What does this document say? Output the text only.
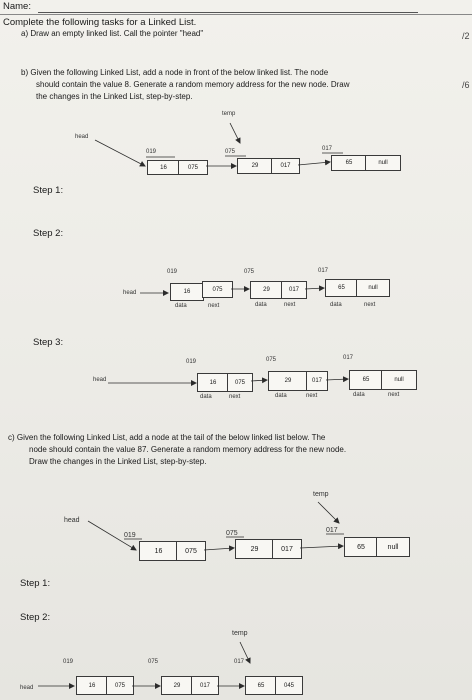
Name:
Complete the following tasks for a Linked List.
a) Draw an empty linked list. Call the pointer "head"	/2
b) Given the following Linked List, add a node in front of the below linked list. The node
should contain the value 8. Generate a random memory address for the new node. Draw
the changes in the Linked List, step-by-step.
/6
temp
head
019
16	075
075
29	017
017
65	null
Step 1:
Step 2:
019
head	16	075
data	next
075
29	017
data	next
017
65	null
data	next
Step 3:
head
019
16	075
data	next
075
29	017
data	next
017
65	null
data	next
c) Given the following Linked List, add a node at the tail of the below linked list below. The
node should contain the value 87. Generate a random memory address for the new node.
Draw the changes in the Linked List, step-by-step.
temp
head
019
16	075
075
29	017
017
65	null
Step 1:
Step 2:
temp
head
019
16	075
075
29	017
017
65	045
